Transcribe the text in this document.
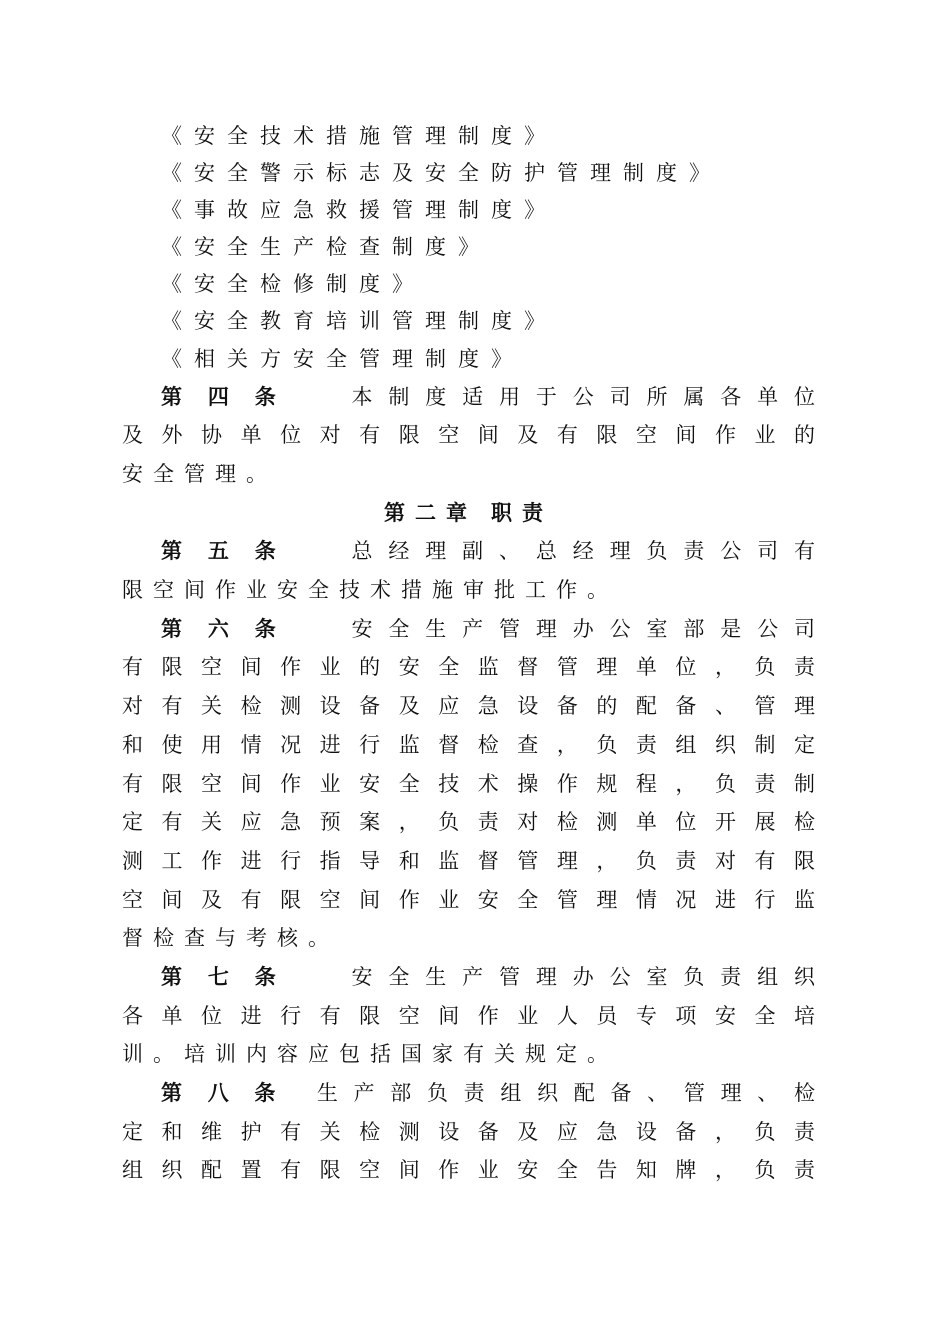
《安全技术措施管理制度》
《安全警示标志及安全防护管理制度》
《事故应急救援管理制度》
《安全生产检查制度》
《安全检修制度》
《安全教育培训管理制度》
《相关方安全管理制度》
第四条 本制度适用于公司所属各单位
及外协单位对有限空间及有限空间作业的
安全管理。
第二章 职责
第五条 总经理副、总经理负责公司有
限空间作业安全技术措施审批工作。
第六条 安全生产管理办公室部是公司
有限空间作业的安全监督管理单位，负责
对有关检测设备及应急设备的配备、管理
和使用情况进行监督检查，负责组织制定
有限空间作业安全技术操作规程，负责制
定有关应急预案，负责对检测单位开展检
测工作进行指导和监督管理，负责对有限
空间及有限空间作业安全管理情况进行监
督检查与考核。
第七条 安全生产管理办公室负责组织
各单位进行有限空间作业人员专项安全培
训。培训内容应包括国家有关规定。
第八条生产部负责组织配备、管理、检
定和维护有关检测设备及应急设备，负责
组织配置有限空间作业安全告知牌，负责
